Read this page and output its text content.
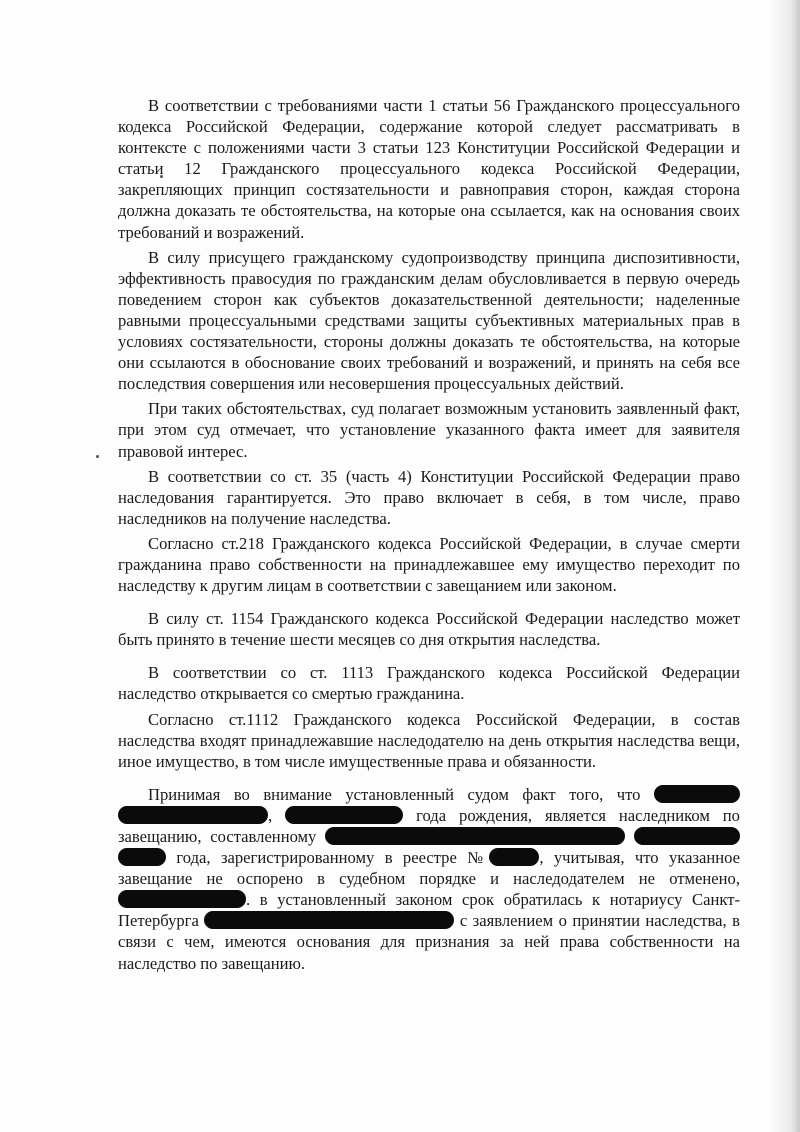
В соответствии с требованиями части 1 статьи 56 Гражданского процессуального кодекса Российской Федерации, содержание которой следует рассматривать в контексте с положениями части 3 статьи 123 Конституции Российской Федерации и статьи 12 Гражданского процессуального кодекса Российской Федерации, закрепляющих принцип состязательности и равноправия сторон, каждая сторона должна доказать те обстоятельства, на которые она ссылается, как на основания своих требований и возражений.

В силу присущего гражданскому судопроизводству принципа диспозитивности, эффективность правосудия по гражданским делам обусловливается в первую очередь поведением сторон как субъектов доказательственной деятельности; наделенные равными процессуальными средствами защиты субъективных материальных прав в условиях состязательности, стороны должны доказать те обстоятельства, на которые они ссылаются в обоснование своих требований и возражений, и принять на себя все последствия совершения или несовершения процессуальных действий.

При таких обстоятельствах, суд полагает возможным установить заявленный факт, при этом суд отмечает, что установление указанного факта имеет для заявителя правовой интерес.

В соответствии со ст. 35 (часть 4) Конституции Российской Федерации право наследования гарантируется. Это право включает в себя, в том числе, право наследников на получение наследства.

Согласно ст.218 Гражданского кодекса Российской Федерации, в случае смерти гражданина право собственности на принадлежавшее ему имущество переходит по наследству к другим лицам в соответствии с завещанием или законом.

В силу ст. 1154 Гражданского кодекса Российской Федерации наследство может быть принято в течение шести месяцев со дня открытия наследства.

В соответствии со ст. 1113 Гражданского кодекса Российской Федерации наследство открывается со смертью гражданина.

Согласно ст.1112 Гражданского кодекса Российской Федерации, в состав наследства входят принадлежавшие наследодателю на день открытия наследства вещи, иное имущество, в том числе имущественные права и обязанности.

Принимая во внимание установленный судом факт того, что  ,	года рождения, является наследником по завещанию, составленному    года, зарегистрированному в реестре №	, учитывая, что указанное завещание не оспорено в судебном порядке и наследодателем не отменено, . в установленный законом срок обратилась к нотариусу Санкт-Петербурга	с заявлением о принятии наследства, в связи с чем, имеются основания для признания за ней права собственности на наследство по завещанию.
